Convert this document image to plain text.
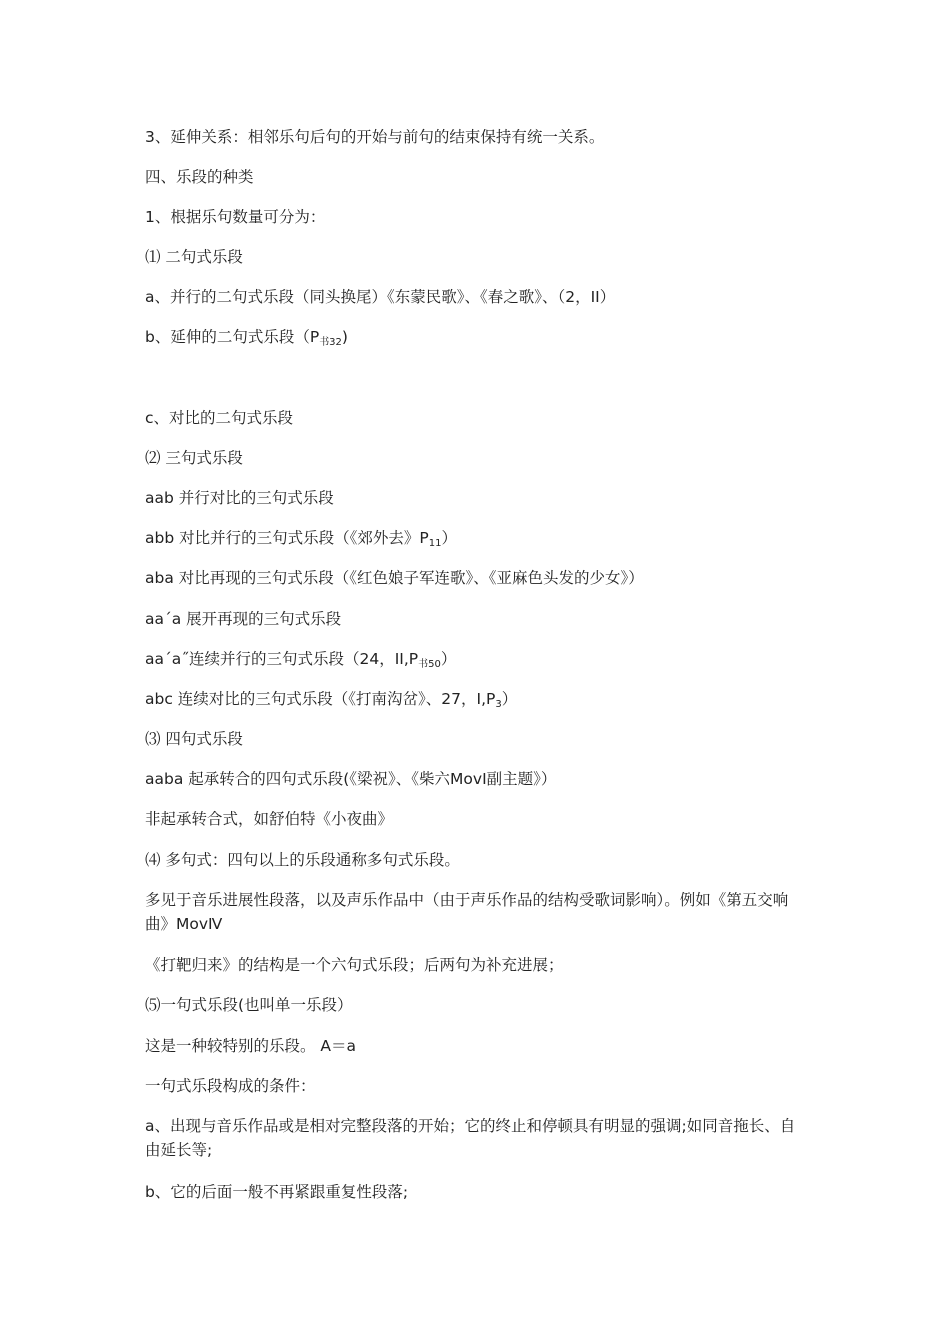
3、延伸关系：相邻乐句后句的开始与前句的结束保持有统一关系。
四、乐段的种类
1、根据乐句数量可分为：
⑴ 二句式乐段
a、并行的二句式乐段（同头换尾）《东蒙民歌》、《春之歌》、（2，II）
b、延伸的二句式乐段$(P_{书32})$
c、对比的二句式乐段
⑵ 三句式乐段
aab 并行对比的三句式乐段
abb 对比并行的三句式乐段（《郊外去》$P_{11}$）
aba 对比再现的三句式乐段（《红色娘子军连歌》、《亚麻色头发的少女》）
aa´a 展开再现的三句式乐段
aa´a˝连续并行的三句式乐段（24，$II,P_{书50}$）
abc 连续对比的三句式乐段（《打南沟岔》、27，$I,P_3$）
⑶ 四句式乐段
aaba 起承转合的四句式乐段(《梁祝》、《柴六MovI副主题》）
非起承转合式，如舒伯特《小夜曲》
⑷ 多句式：四句以上的乐段通称多句式乐段。
多见于音乐进展性段落，以及声乐作品中（由于声乐作品的结构受歌词影响）。例如《第五交响曲》MovⅣ
《打靶归来》的结构是一个六句式乐段；后两句为补充进展；
⑸一句式乐段(也叫单一乐段）
这是一种较特别的乐段。 A＝a
一句式乐段构成的条件：
a、出现与音乐作品或是相对完整段落的开始；它的终止和停顿具有明显的强调;如同音拖长、自由延长等;
b、它的后面一般不再紧跟重复性段落;
